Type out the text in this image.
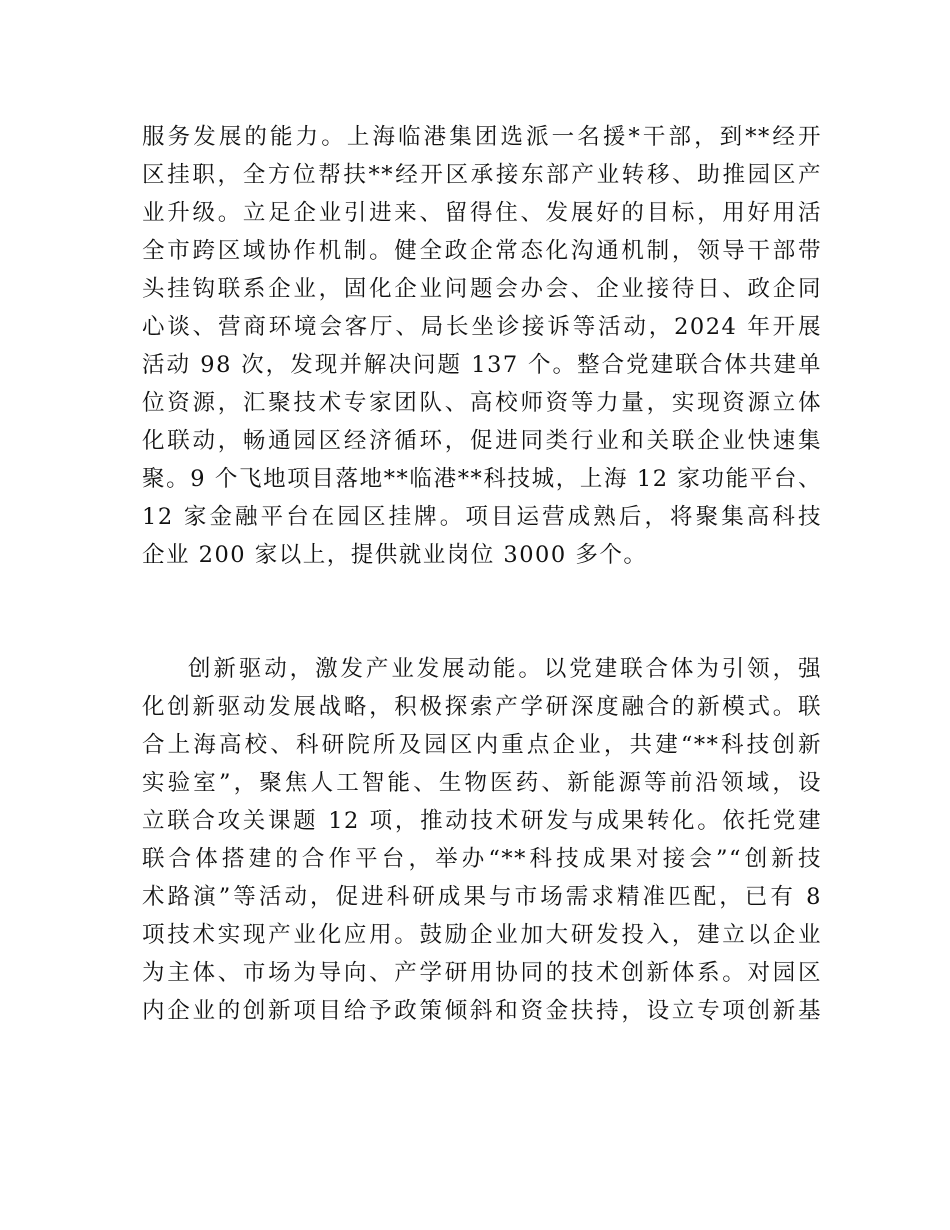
服务发展的能力。上海临港集团选派一名援*干部，到**经开
区挂职，全方位帮扶**经开区承接东部产业转移、助推园区产
业升级。立足企业引进来、留得住、发展好的目标，用好用活
全市跨区域协作机制。健全政企常态化沟通机制，领导干部带
头挂钩联系企业，固化企业问题会办会、企业接待日、政企同
心谈、营商环境会客厅、局长坐诊接诉等活动，2024 年开展
活动 98 次，发现并解决问题 137 个。整合党建联合体共建单
位资源，汇聚技术专家团队、高校师资等力量，实现资源立体
化联动，畅通园区经济循环，促进同类行业和关联企业快速集
聚。9 个飞地项目落地**临港**科技城，上海 12 家功能平台、
12 家金融平台在园区挂牌。项目运营成熟后，将聚集高科技
企业 200 家以上，提供就业岗位 3000 多个。
创新驱动，激发产业发展动能。以党建联合体为引领，强
化创新驱动发展战略，积极探索产学研深度融合的新模式。联
合上海高校、科研院所及园区内重点企业，共建“**科技创新
实验室”，聚焦人工智能、生物医药、新能源等前沿领域，设
立联合攻关课题 12 项，推动技术研发与成果转化。依托党建
联合体搭建的合作平台，举办“**科技成果对接会”“创新技
术路演”等活动，促进科研成果与市场需求精准匹配，已有 8
项技术实现产业化应用。鼓励企业加大研发投入，建立以企业
为主体、市场为导向、产学研用协同的技术创新体系。对园区
内企业的创新项目给予政策倾斜和资金扶持，设立专项创新基
